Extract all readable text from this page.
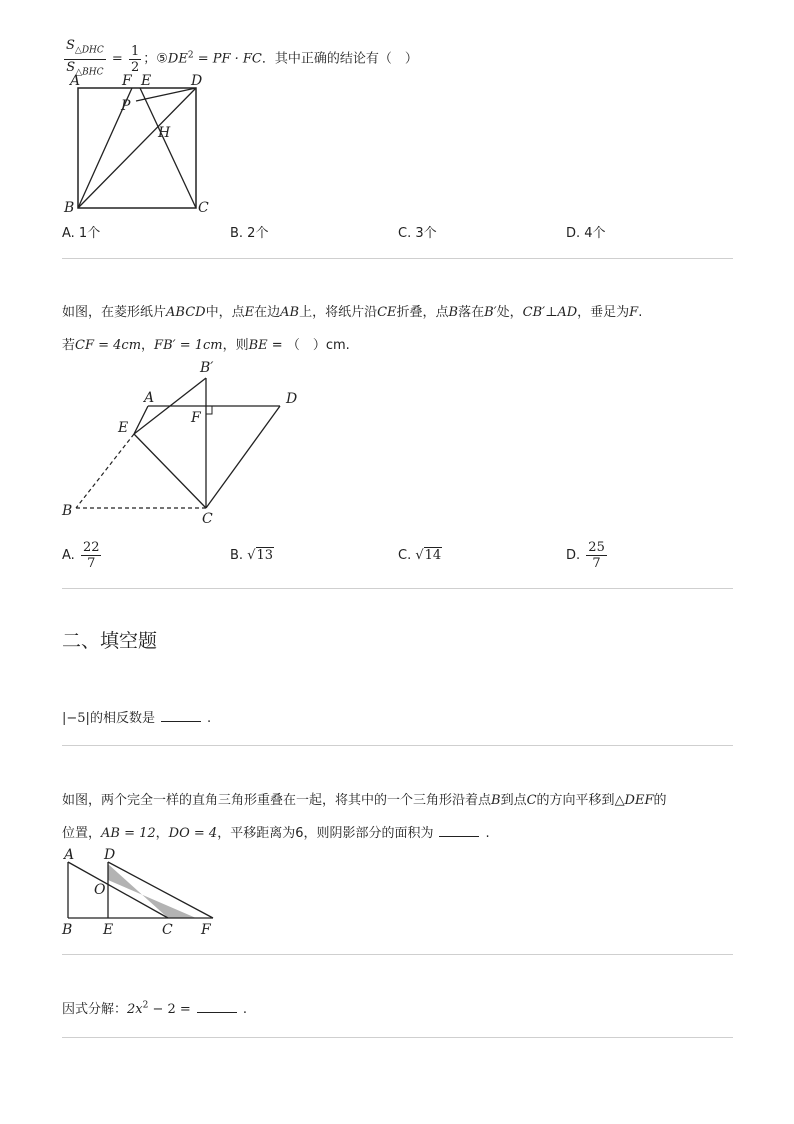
$\frac{S_{\triangle DHC}}{S_{\triangle BHC}} = \frac{1}{2}$ ；$⑤DE^2$ = PF · FC．其中正确的结论有（　）
A	F E	D
P
H
B	C
A. 1个	B. 2个	C. 3个	D. 4个
如图，在菱形纸片ABCD中，点E在边AB上，将纸片沿CE折叠，点B落在B′处，CB′⊥AD，垂足为F.
若CF = 4cm，FB′ = 1cm，则BE = （　）cm.
B′
A	D
F
E
B	C
A. $\frac{22}{7}$	B. √13	C. √14	D. $\frac{25}{7}$
二、填空题
|−5|的相反数是	.
如图，两个完全一样的直角三角形重叠在一起，将其中的一个三角形沿着点B到点C的方向平移到△DEF的
位置，AB = 12，DO = 4，平移距离为6，则阴影部分的面积为	.
A D
O
B E	C F
因式分解：$2x^2 - 2$ =	.
